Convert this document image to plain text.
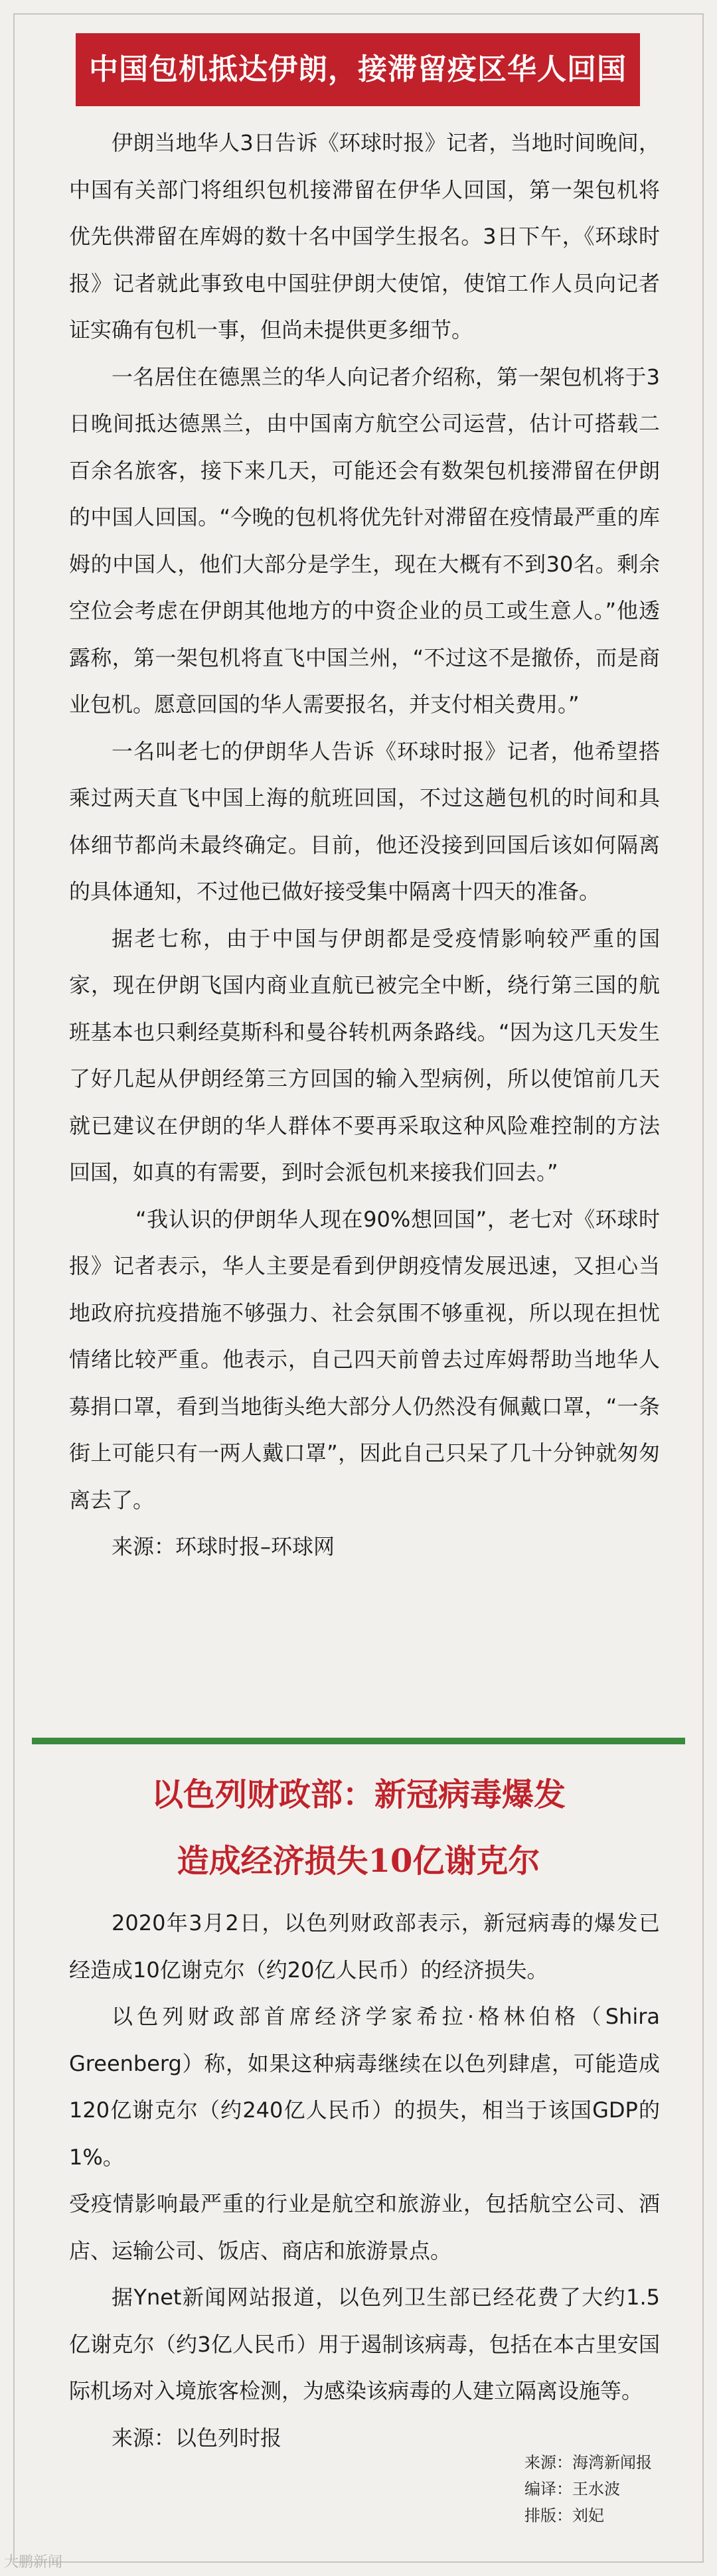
中国包机抵达伊朗，接滞留疫区华人回国

伊朗当地华人3日告诉《环球时报》记者，当地时间晚间，中国有关部门将组织包机接滞留在伊华人回国，第一架包机将优先供滞留在库姆的数十名中国学生报名。3日下午，《环球时报》记者就此事致电中国驻伊朗大使馆，使馆工作人员向记者证实确有包机一事，但尚未提供更多细节。

一名居住在德黑兰的华人向记者介绍称，第一架包机将于3日晚间抵达德黑兰，由中国南方航空公司运营，估计可搭载二百余名旅客，接下来几天，可能还会有数架包机接滞留在伊朗的中国人回国。“今晚的包机将优先针对滞留在疫情最严重的库姆的中国人，他们大部分是学生，现在大概有不到30名。剩余空位会考虑在伊朗其他地方的中资企业的员工或生意人。”他透露称，第一架包机将直飞中国兰州，“不过这不是撤侨，而是商业包机。愿意回国的华人需要报名，并支付相关费用。”

一名叫老七的伊朗华人告诉《环球时报》记者，他希望搭乘过两天直飞中国上海的航班回国，不过这趟包机的时间和具体细节都尚未最终确定。目前，他还没接到回国后该如何隔离的具体通知，不过他已做好接受集中隔离十四天的准备。

据老七称，由于中国与伊朗都是受疫情影响较严重的国家，现在伊朗飞国内商业直航已被完全中断，绕行第三国的航班基本也只剩经莫斯科和曼谷转机两条路线。“因为这几天发生了好几起从伊朗经第三方回国的输入型病例，所以使馆前几天就已建议在伊朗的华人群体不要再采取这种风险难控制的方法回国，如真的有需要，到时会派包机来接我们回去。”

“我认识的伊朗华人现在90%想回国”，老七对《环球时报》记者表示，华人主要是看到伊朗疫情发展迅速，又担心当地政府抗疫措施不够强力、社会氛围不够重视，所以现在担忧情绪比较严重。他表示，自己四天前曾去过库姆帮助当地华人募捐口罩，看到当地街头绝大部分人仍然没有佩戴口罩，“一条街上可能只有一两人戴口罩”，因此自己只呆了几十分钟就匆匆离去了。

来源：环球时报–环球网

以色列财政部：新冠病毒爆发
造成经济损失10亿谢克尔

2020年3月2日，以色列财政部表示，新冠病毒的爆发已经造成10亿谢克尔（约20亿人民币）的经济损失。

以色列财政部首席经济学家希拉·格林伯格（Shira Greenberg）称，如果这种病毒继续在以色列肆虐，可能造成120亿谢克尔（约240亿人民币）的损失，相当于该国GDP的1%。

受疫情影响最严重的行业是航空和旅游业，包括航空公司、酒店、运输公司、饭店、商店和旅游景点。

据Ynet新闻网站报道，以色列卫生部已经花费了大约1.5亿谢克尔（约3亿人民币）用于遏制该病毒，包括在本古里安国际机场对入境旅客检测，为感染该病毒的人建立隔离设施等。

来源：以色列时报

来源：海湾新闻报
编译：王水波
排版：刘妃
大鹏新闻
